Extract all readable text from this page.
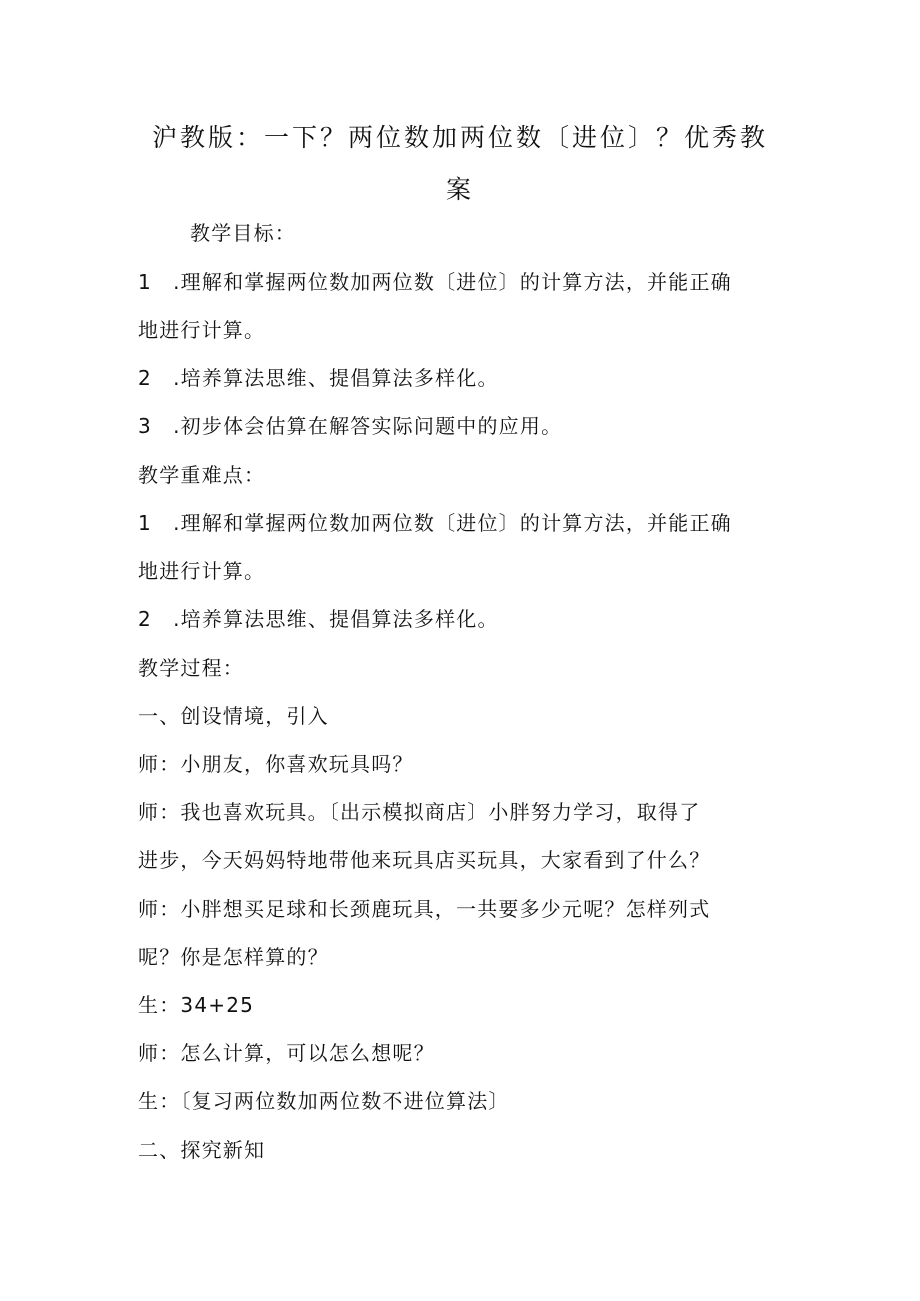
沪教版：一下？两位数加两位数〔进位〕？优秀教
案

教学目标：

1　.理解和掌握两位数加两位数〔进位〕的计算方法，并能正确

地进行计算。

2　.培养算法思维、提倡算法多样化。

3　.初步体会估算在解答实际问题中的应用。

教学重难点：

1　.理解和掌握两位数加两位数〔进位〕的计算方法，并能正确

地进行计算。

2　.培养算法思维、提倡算法多样化。

教学过程：

一、创设情境，引入

师：小朋友，你喜欢玩具吗？

师：我也喜欢玩具。〔出示模拟商店〕小胖努力学习，取得了

进步，今天妈妈特地带他来玩具店买玩具，大家看到了什么？

师：小胖想买足球和长颈鹿玩具，一共要多少元呢？怎样列式

呢？你是怎样算的？

生：34+25

师：怎么计算，可以怎么想呢？

生：〔复习两位数加两位数不进位算法〕

二、探究新知
